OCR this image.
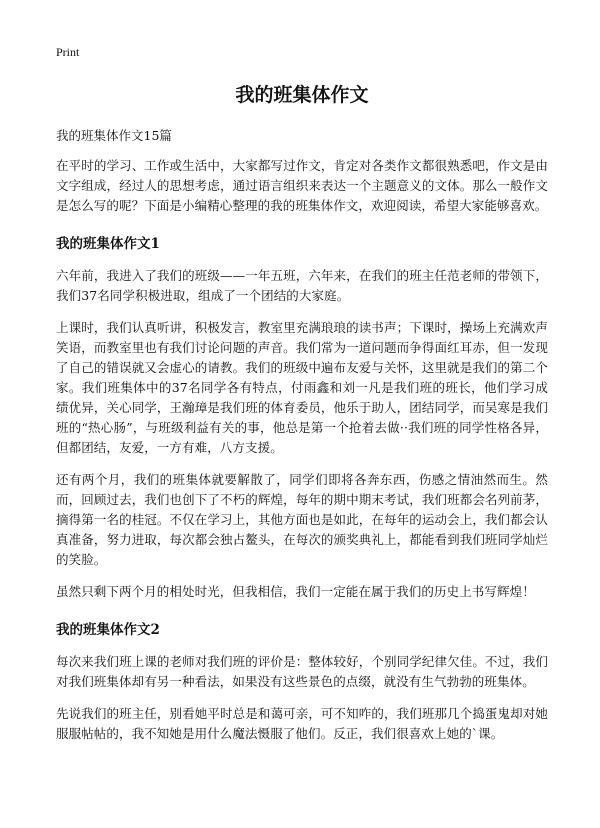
Print
我的班集体作文
我的班集体作文15篇

在平时的学习、工作或生活中，大家都写过作文，肯定对各类作文都很熟悉吧，作文是由文字组成，经过人的思想考虑，通过语言组织来表达一个主题意义的文体。那么一般作文是怎么写的呢？下面是小编精心整理的我的班集体作文，欢迎阅读，希望大家能够喜欢。

我的班集体作文1

六年前，我进入了我们的班级——一年五班，六年来，在我们的班主任范老师的带领下，我们37名同学积极进取，组成了一个团结的大家庭。

上课时，我们认真听讲，积极发言，教室里充满琅琅的读书声；下课时，操场上充满欢声笑语，而教室里也有我们讨论问题的声音。我们常为一道问题而争得面红耳赤，但一发现了自己的错误就又会虚心的请教。我们的班级中遍布友爱与关怀，这里就是我们的第二个家。我们班集体中的37名同学各有特点，付雨鑫和刘一凡是我们班的班长，他们学习成绩优异，关心同学，王瀚璋是我们班的体育委员，他乐于助人，团结同学，而吴寒是我们班的“热心肠”，与班级利益有关的事，他总是第一个抢着去做··我们班的同学性格各异，但都团结，友爱，一方有难，八方支援。

还有两个月，我们的班集体就要解散了，同学们即将各奔东西，伤感之情油然而生。然而，回顾过去，我们也创下了不朽的辉煌，每年的期中期末考试，我们班都会名列前茅，摘得第一名的桂冠。不仅在学习上，其他方面也是如此，在每年的运动会上，我们都会认真准备，努力进取，每次都会独占鳌头，在每次的颁奖典礼上，都能看到我们班同学灿烂的笑脸。

虽然只剩下两个月的相处时光，但我相信，我们一定能在属于我们的历史上书写辉煌！

我的班集体作文2

每次来我们班上课的老师对我们班的评价是：整体较好，个别同学纪律欠佳。不过，我们对我们班集体却有另一种看法，如果没有这些景色的点缀，就没有生气勃勃的班集体。

先说我们的班主任，别看她平时总是和蔼可亲，可不知咋的，我们班那几个捣蛋鬼却对她服服帖帖的，我不知她是用什么魔法慑服了他们。反正，我们很喜欢上她的`课。
